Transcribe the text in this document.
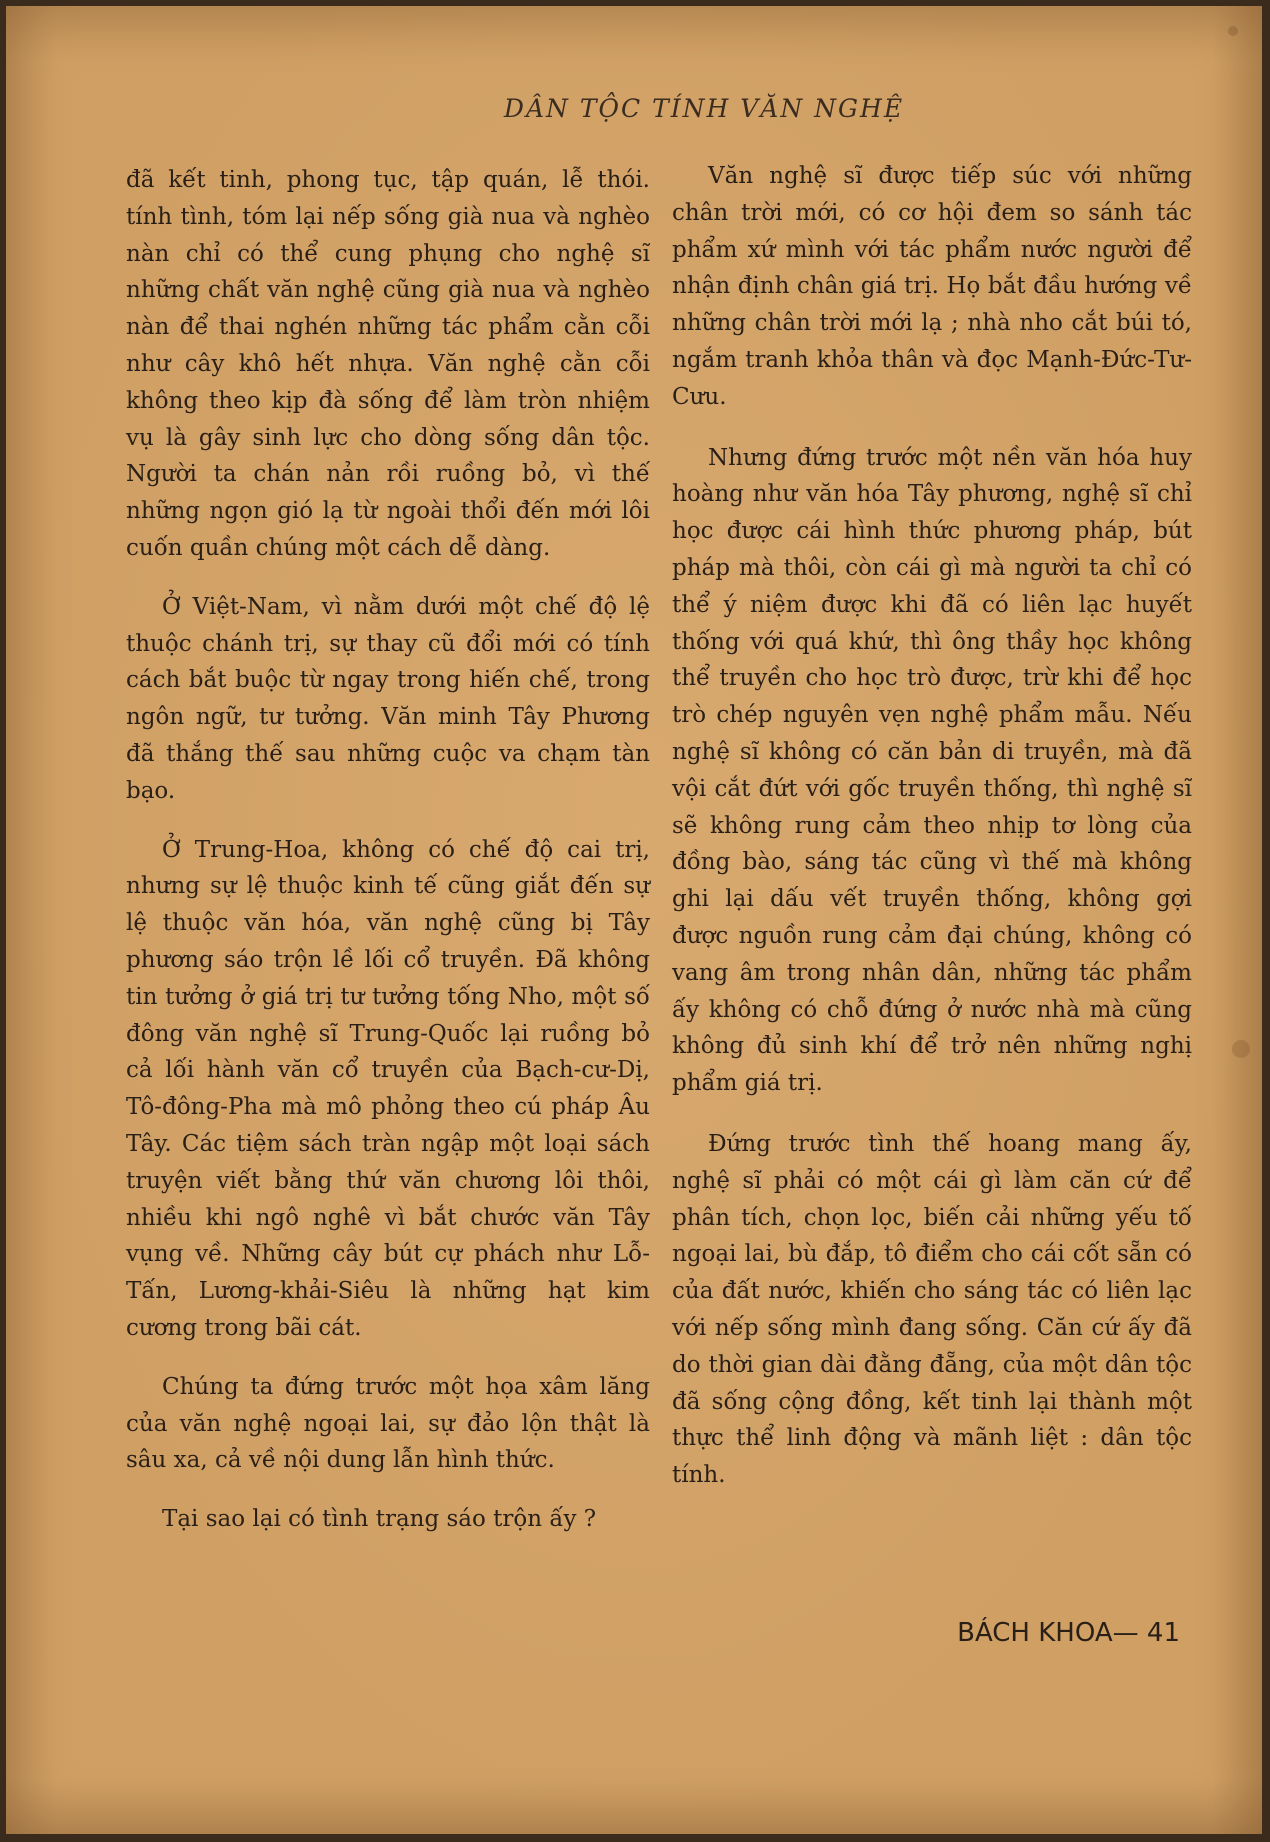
DÂN TỘC TÍNH VĂN NGHỆ

đã kết tinh, phong tục, tập quán, lễ thói. tính tình, tóm lại nếp sống già nua và nghèo nàn chỉ có thể cung phụng cho nghệ sĩ những chất văn nghệ cũng già nua và nghèo nàn để thai nghén những tác phẩm cằn cỗi như cây khô hết nhựa. Văn nghệ cằn cỗi không theo kịp đà sống để làm tròn nhiệm vụ là gây sinh lực cho dòng sống dân tộc. Người ta chán nản rồi ruồng bỏ, vì thế những ngọn gió lạ từ ngoài thổi đến mới lôi cuốn quần chúng một cách dễ dàng.

Ở Việt-Nam, vì nằm dưới một chế độ lệ thuộc chánh trị, sự thay cũ đổi mới có tính cách bắt buộc từ ngay trong hiến chế, trong ngôn ngữ, tư tưởng. Văn minh Tây Phương đã thắng thế sau những cuộc va chạm tàn bạo.

Ở Trung-Hoa, không có chế độ cai trị, nhưng sự lệ thuộc kinh tế cũng giắt đến sự lệ thuộc văn hóa, văn nghệ cũng bị Tây phương sáo trộn lề lối cổ truyền. Đã không tin tưởng ở giá trị tư tưởng tống Nho, một số đông văn nghệ sĩ Trung-Quốc lại ruồng bỏ cả lối hành văn cổ truyền của Bạch-cư-Dị, Tô-đông-Pha mà mô phỏng theo cú pháp Âu Tây. Các tiệm sách tràn ngập một loại sách truyện viết bằng thứ văn chương lôi thôi, nhiều khi ngô nghê vì bắt chước văn Tây vụng về. Những cây bút cự phách như Lỗ-Tấn, Lương-khải-Siêu là những hạt kim cương trong bãi cát.

Chúng ta đứng trước một họa xâm lăng của văn nghệ ngoại lai, sự đảo lộn thật là sâu xa, cả về nội dung lẫn hình thức.

Tại sao lại có tình trạng sáo trộn ấy ?

Văn nghệ sĩ được tiếp súc với những chân trời mới, có cơ hội đem so sánh tác phẩm xứ mình với tác phẩm nước người để nhận định chân giá trị. Họ bắt đầu hướng về những chân trời mới lạ ; nhà nho cắt búi tó, ngắm tranh khỏa thân và đọc Mạnh-Đức-Tư-Cưu.

Nhưng đứng trước một nền văn hóa huy hoàng như văn hóa Tây phương, nghệ sĩ chỉ học được cái hình thức phương pháp, bút pháp mà thôi, còn cái gì mà người ta chỉ có thể ý niệm được khi đã có liên lạc huyết thống với quá khứ, thì ông thầy học không thể truyền cho học trò được, trừ khi để học trò chép nguyên vẹn nghệ phẩm mẫu. Nếu nghệ sĩ không có căn bản di truyền, mà đã vội cắt đứt với gốc truyền thống, thì nghệ sĩ sẽ không rung cảm theo nhịp tơ lòng của đồng bào, sáng tác cũng vì thế mà không ghi lại dấu vết truyền thống, không gợi được nguồn rung cảm đại chúng, không có vang âm trong nhân dân, những tác phẩm ấy không có chỗ đứng ở nước nhà mà cũng không đủ sinh khí để trở nên những nghị phẩm giá trị.

Đứng trước tình thế hoang mang ấy, nghệ sĩ phải có một cái gì làm căn cứ để phân tích, chọn lọc, biến cải những yếu tố ngoại lai, bù đắp, tô điểm cho cái cốt sẵn có của đất nước, khiến cho sáng tác có liên lạc với nếp sống mình đang sống. Căn cứ ấy đã do thời gian dài đằng đẵng, của một dân tộc đã sống cộng đồng, kết tinh lại thành một thực thể linh động và mãnh liệt : dân tộc tính.

BÁCH KHOA— 41
